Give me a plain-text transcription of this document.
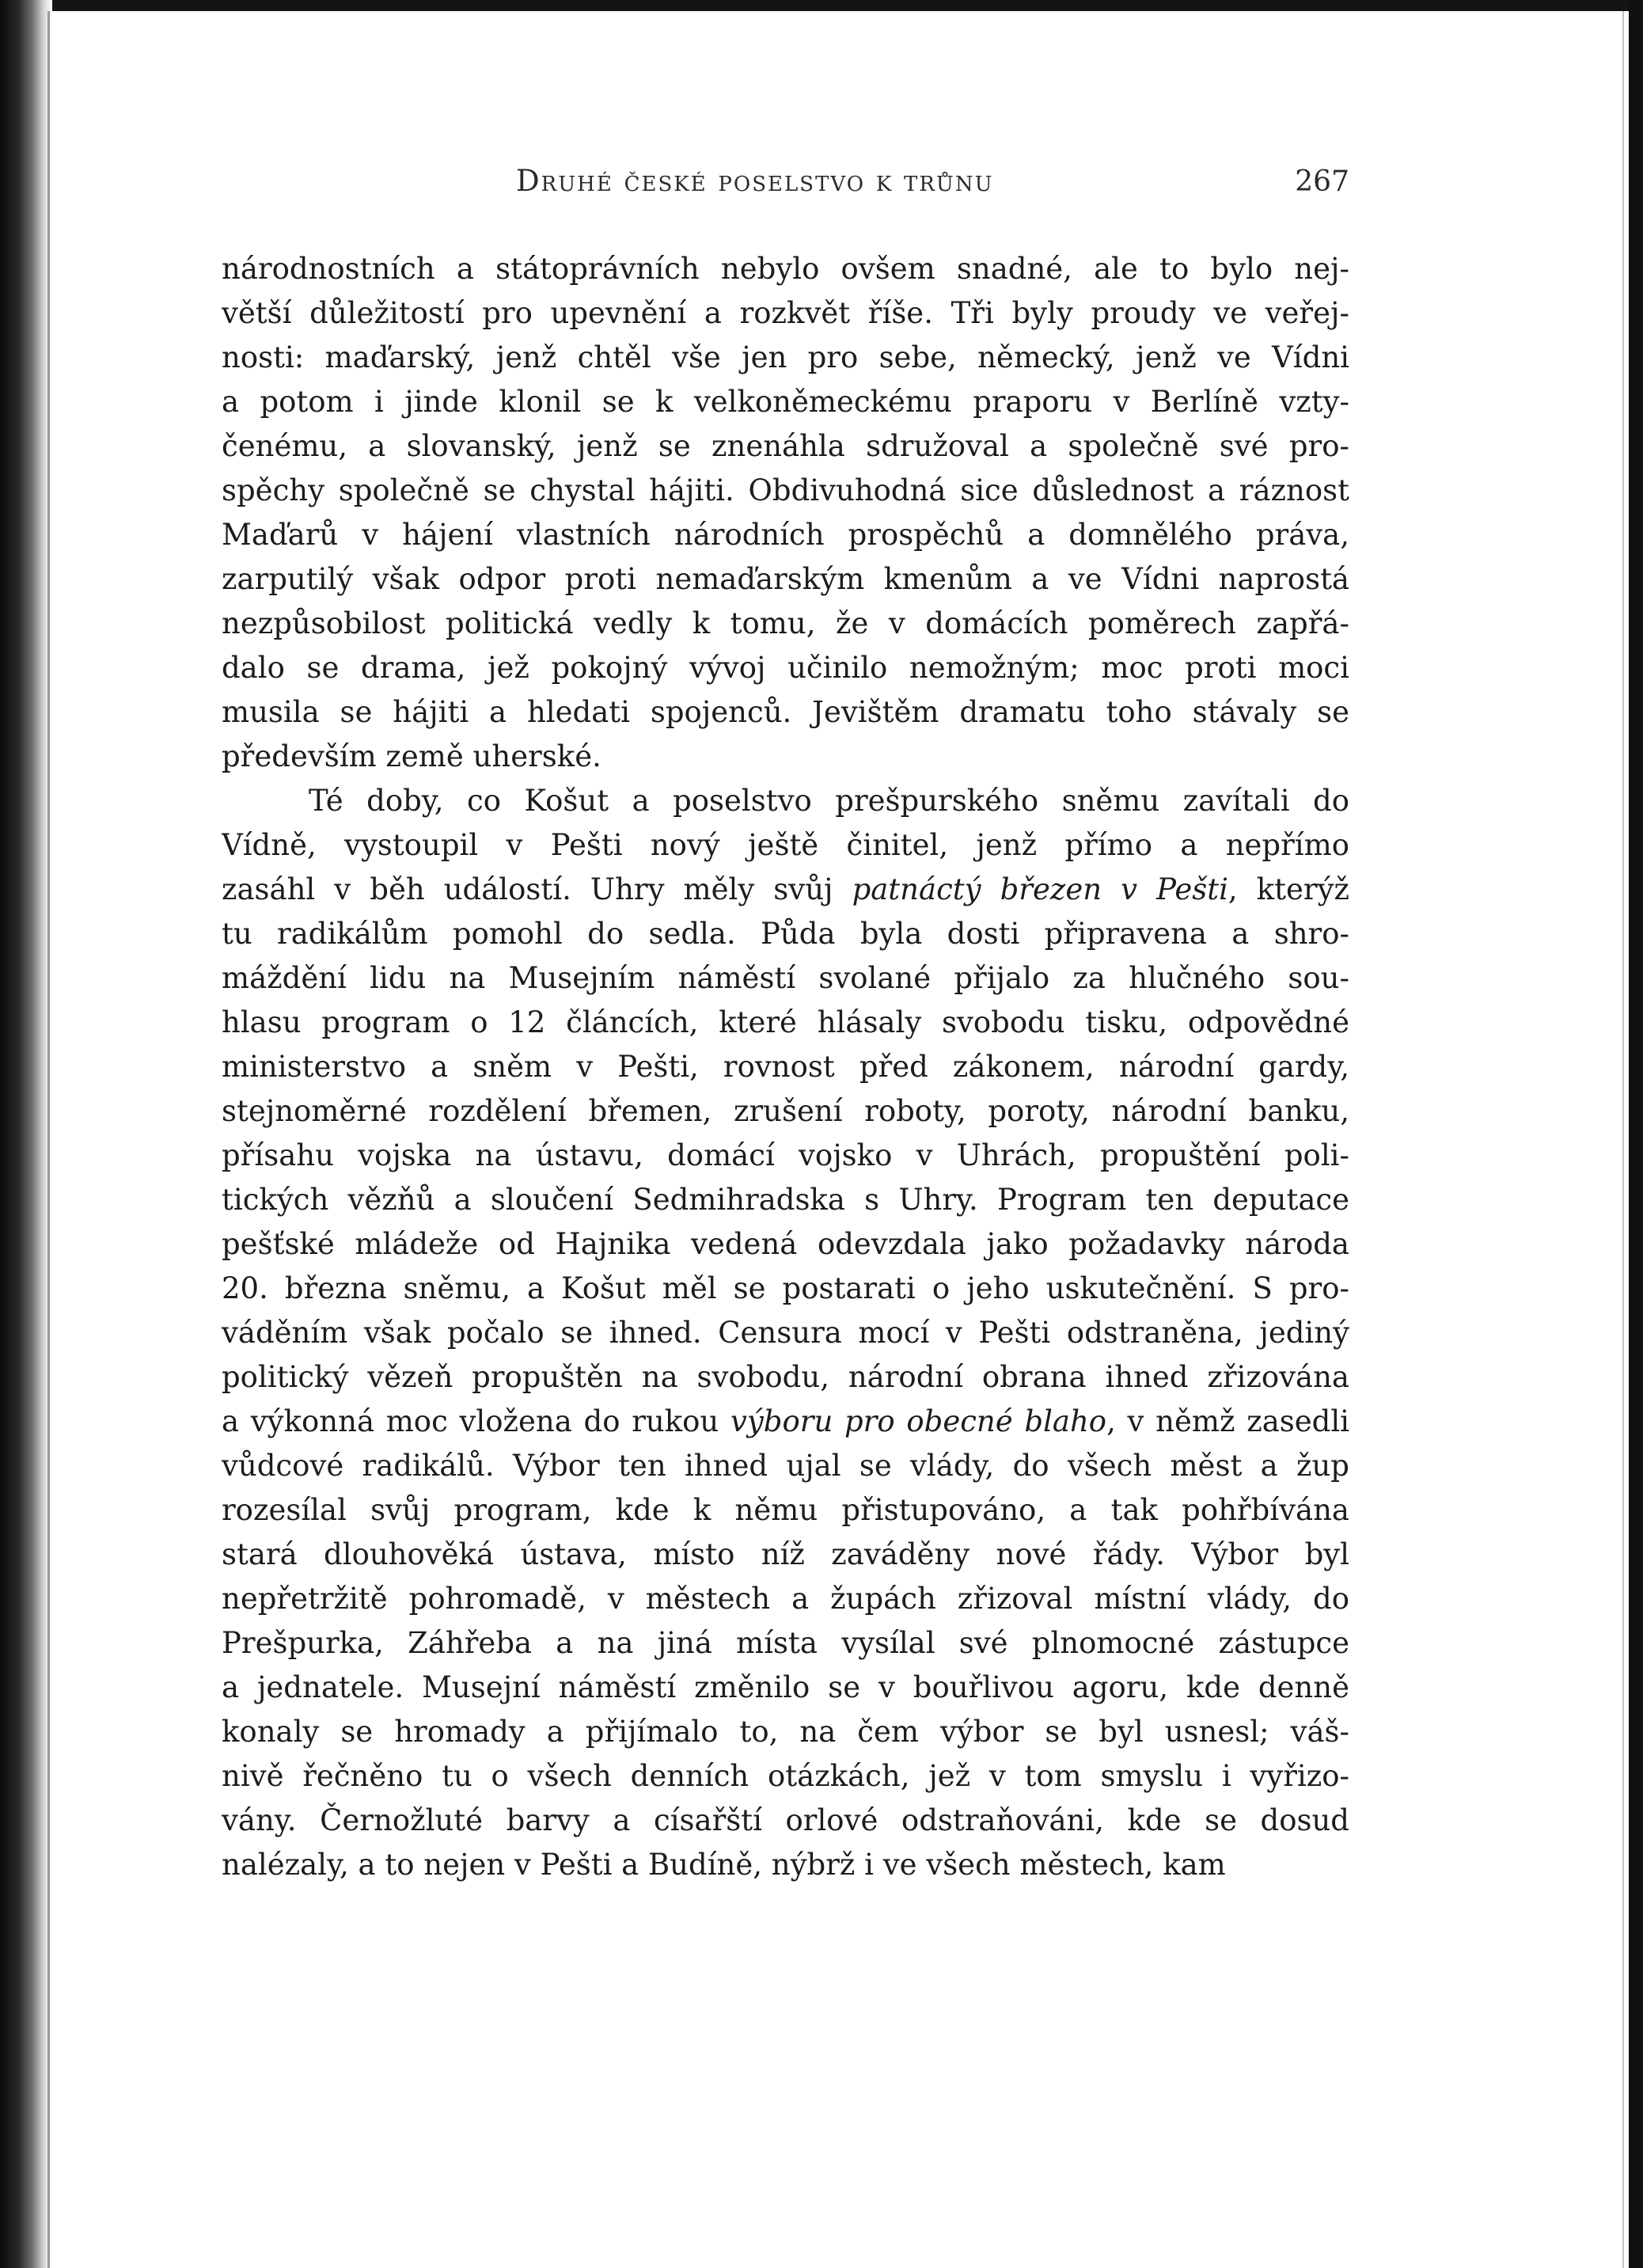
Druhé české poselstvo k trůnu	267
národnostních a státoprávních nebylo ovšem snadné, ale to bylo nej-
větší důležitostí pro upevnění a rozkvět říše. Tři byly proudy ve veřej-
nosti: maďarský, jenž chtěl vše jen pro sebe, německý, jenž ve Vídni
a potom i jinde klonil se k velkoněmeckému praporu v Berlíně vzty-
čenému, a slovanský, jenž se znenáhla sdružoval a společně své pro-
spěchy společně se chystal hájiti. Obdivuhodná sice důslednost a ráznost
Maďarů v hájení vlastních národních prospěchů a domnělého práva,
zarputilý však odpor proti nemaďarským kmenům a ve Vídni naprostá
nezpůsobilost politická vedly k tomu, že v domácích poměrech zapřá-
dalo se drama, jež pokojný vývoj učinilo nemožným; moc proti moci
musila se hájiti a hledati spojenců. Jevištěm dramatu toho stávaly se
především země uherské.
Té doby, co Košut a poselstvo prešpurského sněmu zavítali do
Vídně, vystoupil v Pešti nový ještě činitel, jenž přímo a nepřímo
zasáhl v běh událostí. Uhry měly svůj patnáctý březen v Pešti, kterýž
tu radikálům pomohl do sedla. Půda byla dosti připravena a shro-
máždění lidu na Musejním náměstí svolané přijalo za hlučného sou-
hlasu program o 12 článcích, které hlásaly svobodu tisku, odpovědné
ministerstvo a sněm v Pešti, rovnost před zákonem, národní gardy,
stejnoměrné rozdělení břemen, zrušení roboty, poroty, národní banku,
přísahu vojska na ústavu, domácí vojsko v Uhrách, propuštění poli-
tických vězňů a sloučení Sedmihradska s Uhry. Program ten deputace
pešťské mládeže od Hajnika vedená odevzdala jako požadavky národa
20. března sněmu, a Košut měl se postarati o jeho uskutečnění. S pro-
váděním však počalo se ihned. Censura mocí v Pešti odstraněna, jediný
politický vězeň propuštěn na svobodu, národní obrana ihned zřizována
a výkonná moc vložena do rukou výboru pro obecné blaho, v němž zasedli
vůdcové radikálů. Výbor ten ihned ujal se vlády, do všech měst a žup
rozesílal svůj program, kde k němu přistupováno, a tak pohřbívána
stará dlouhověká ústava, místo níž zaváděny nové řády. Výbor byl
nepřetržitě pohromadě, v městech a župách zřizoval místní vlády, do
Prešpurka, Záhřeba a na jiná místa vysílal své plnomocné zástupce
a jednatele. Musejní náměstí změnilo se v bouřlivou agoru, kde denně
konaly se hromady a přijímalo to, na čem výbor se byl usnesl; váš-
nivě řečněno tu o všech denních otázkách, jež v tom smyslu i vyřizo-
vány. Černožluté barvy a císařští orlové odstraňováni, kde se dosud
nalézaly, a to nejen v Pešti a Budíně, nýbrž i ve všech městech, kam
